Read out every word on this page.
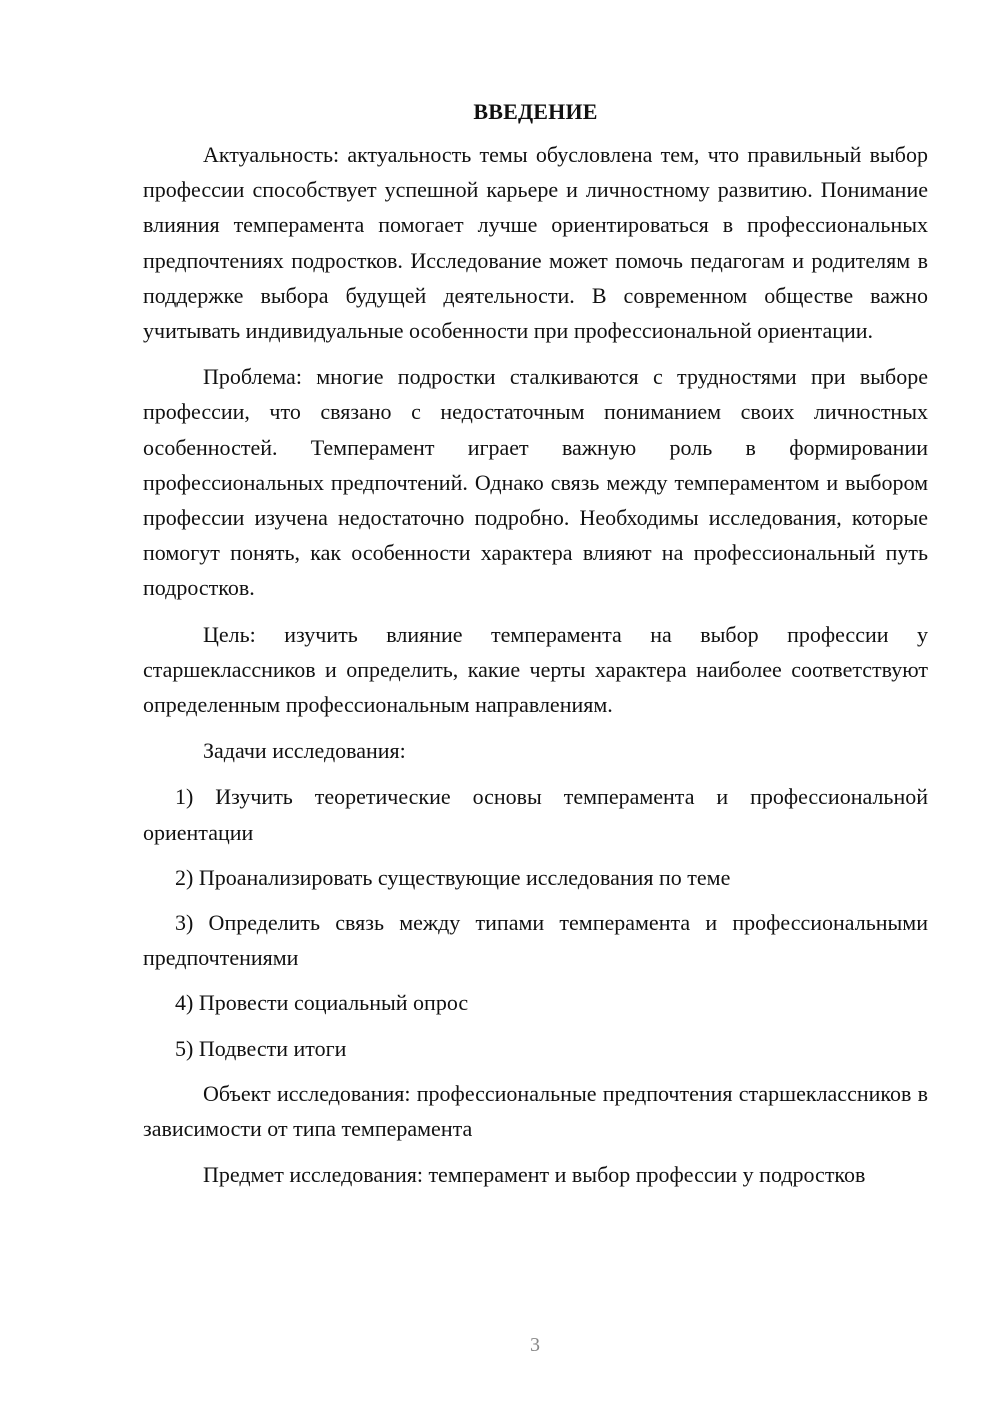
ВВЕДЕНИЕ

Актуальность: актуальность темы обусловлена тем, что правильный выбор профессии способствует успешной карьере и личностному развитию. Понимание влияния темперамента помогает лучше ориентироваться в профессиональных предпочтениях подростков. Исследование может помочь педагогам и родителям в поддержке выбора будущей деятельности. В современном обществе важно учитывать индивидуальные особенности при профессиональной ориентации.

Проблема: многие подростки сталкиваются с трудностями при выборе профессии, что связано с недостаточным пониманием своих личностных особенностей. Темперамент играет важную роль в формировании профессиональных предпочтений. Однако связь между темпераментом и выбором профессии изучена недостаточно подробно. Необходимы исследования, которые помогут понять, как особенности характера влияют на профессиональный путь подростков.

Цель: изучить влияние темперамента на выбор профессии у старшеклассников и определить, какие черты характера наиболее соответствуют определенным профессиональным направлениям.

Задачи исследования:

1) Изучить теоретические основы темперамента и профессиональной ориентации

2) Проанализировать существующие исследования по теме

3) Определить связь между типами темперамента и профессиональными предпочтениями

4) Провести социальный опрос

5) Подвести итоги

Объект исследования: профессиональные предпочтения старшеклассников в зависимости от типа темперамента

Предмет исследования: темперамент и выбор профессии у подростков

3
